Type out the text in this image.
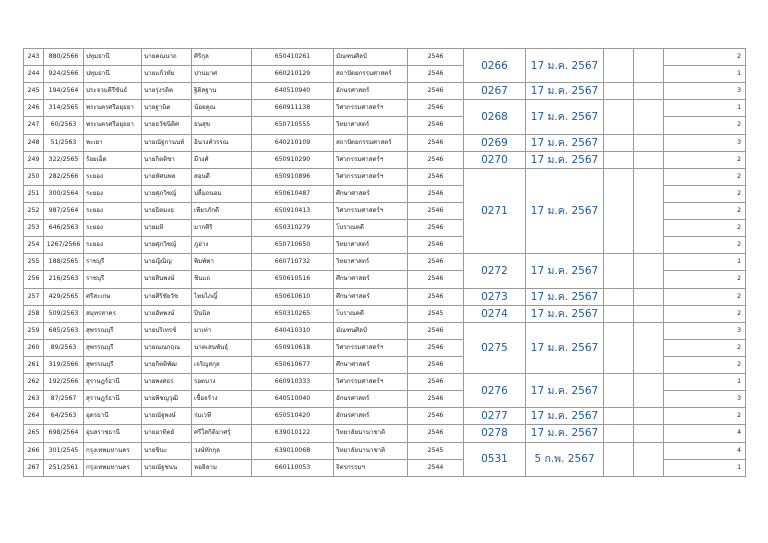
243	880/2566	ปทุมธานี	นายคณนาถ	ศิริกุล	650410261	มัณฑนศิลป์	2546	0266	17 ม.ค. 2567			2
244	924/2566	ปทุมธานี	นายแก้วทัย	ปานมาศ	660210129	สถาปัตยกรรมศาสตร์	2546					1
245	194/2564	ประจวบคีรีขันธ์	นายรุ่งรติค	ฐิติสฐาน	640510940	อักษรศาสตร์	2546	0267	17 ม.ค. 2567			3
246	314/2565	พระนครศรีอยุธยา	นายฐานิต	น้อยคุณ	660911138	วิศวกรรมศาสตร์ฯ	2546	0268	17 ม.ค. 2567			1
247	60/2563	พระนครศรีอยุธยา	นายธวัชนิติศ	ธนสุข	650710555	วิทยาศาสตร์	2546					2
248	51/2563	พะเยา	นายณัฐกานนท์	อินวงค์วรรณ	640210109	สถาปัตยกรรมศาสตร์	2546	0269	17 ม.ค. 2567			3
249	322/2565	ร้อยเอ็ด	นายกิตติชา	มีวงศ์	650910290	วิศวกรรมศาสตร์ฯ	2546	0270	17 ม.ค. 2567			2
250	282/2566	ระยอง	นายทัศนพล	สอนดี	650910896	วิศวกรรมศาสตร์ฯ	2546	0271	17 ม.ค. 2567			2
251	300/2564	ระยอง	นายศุภวิชญ์	ปลื้มถนอม	650610487	ศึกษาศาสตร์	2546					2
252	987/2564	ระยอง	นายธิตมงธ	เพียรภักดี	650910413	วิศวกรรมศาสตร์ฯ	2546					2
253	646/2563	ระยอง	นายมหิ	มากศิริ	650310279	โบราณคดี	2546					2
254	1267/2566	ระยอง	นายศุภวิชญ์	ภูอ่าง	650710650	วิทยาศาสตร์	2546					2
255	188/2565	ราชบุรี	นายญิณิญ	พิมพ์พา	660710732	วิทยาศาสตร์	2546	0272	17 ม.ค. 2567			1
256	216/2563	ราชบุรี	นายสินพงษ์	ชินแถ	650610516	ศึกษาศาสตร์	2546					2
257	429/2565	ศรีสะเกษ	นายศิริชัยวัช	ไทยไภญิ์	650610610	ศึกษาศาสตร์	2546	0273	17 ม.ค. 2567			2
258	509/2563	สมุทรสาคร	นายอัทพงษ์	ปิ่นนิล	650310265	โบราณคดี	2545	0274	17 ม.ค. 2567			2
259	685/2563	สุพรรณบุรี	นายปริเทรช์	มาเท่า	640410310	มัณฑนศิลป์	2546	0275	17 ม.ค. 2567			3
260	89/2563	สุพรรณบุรี	นายณณกฤณ	นาคเสนพันธุ์	650910618	วิศวกรรมศาสตร์ฯ	2546					2
261	319/2566	สุพรรณบุรี	นายกิตติพัฒ	เจริญสกุล	650610677	ศึกษาศาสตร์	2546					2
262	192/2566	สุราษฎร์ธานี	นายพงศธร	รอดบาง	660910333	วิศวกรรมศาสตร์ฯ	2546	0276	17 ม.ค. 2567			1
263	87/2567	สุราษฎร์ธานี	นายพิชญวุฒิ	เชื้อจร้าง	640510040	อักษรศาสตร์	2546					3
264	64/2563	อุดรธานี	นายณัฐพงษ์	ร่มเวที	650510420	อักษรศาสตร์	2546	0277	17 ม.ค. 2567			2
265	698/2564	อุบลราชธานี	นายอาทิตย์	ศรีใสกิติมาศรุ์	639010122	วิทยาลัยนานาชาติ	2546	0278	17 ม.ค. 2567			4
266	301/2545	กรุงเทพมหานคร	นายชินะ	วงษ์ทักกุล	639010068	วิทยาลัยนานาชาติ	2545	0531	5 ก.พ. 2567			4
267	251/2561	กรุงเทพมหานคร	นายณัฐชนน	หอลิลาม	660110053	จิตรกรรมฯ	2544					1
